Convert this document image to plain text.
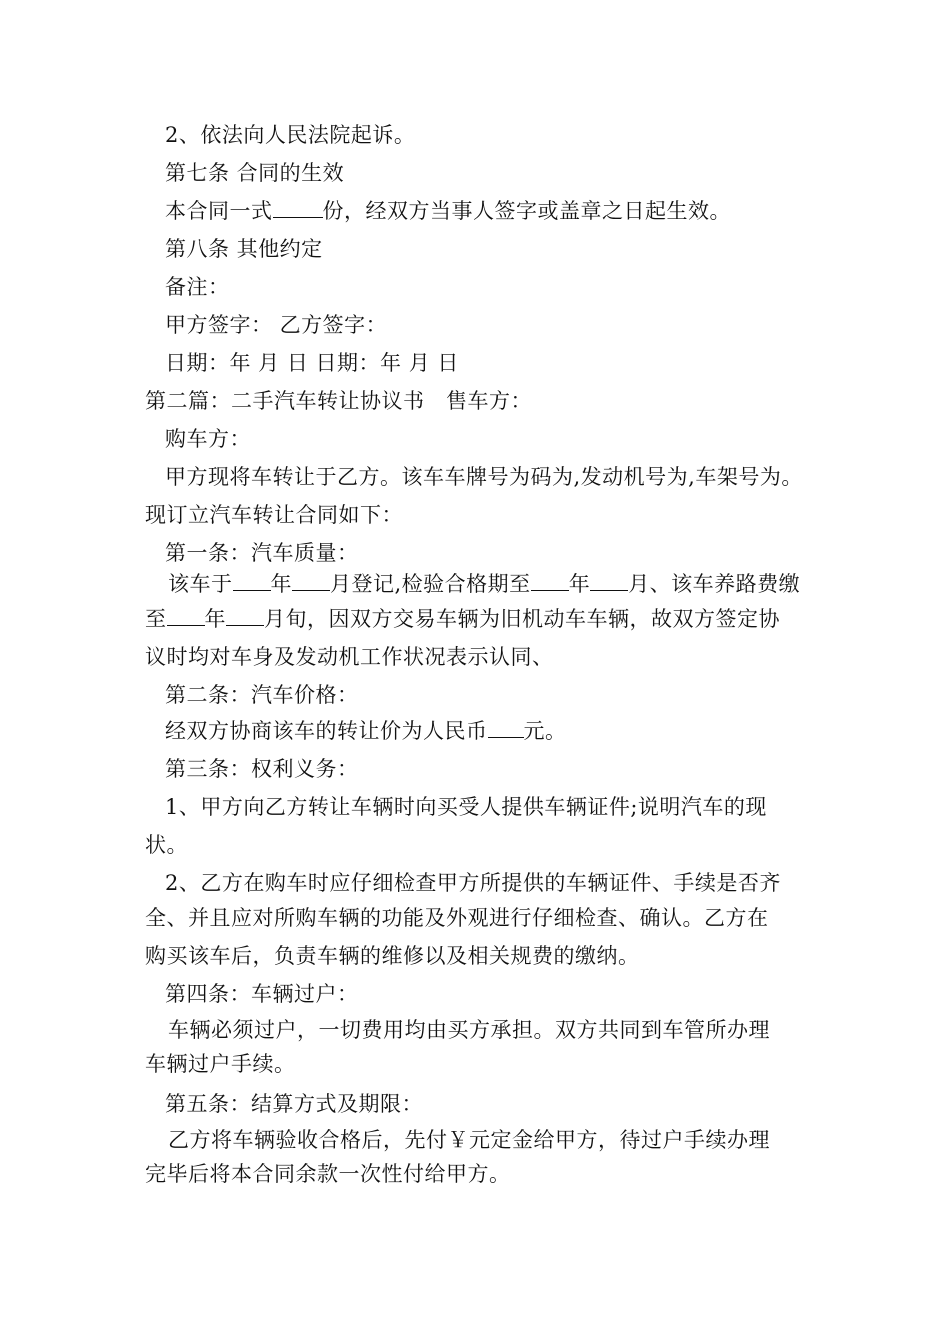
2、依法向人民法院起诉。
第七条 合同的生效
本合同一式 份，经双方当事人签字或盖章之日起生效。
第八条 其他约定
备注：
甲方签字： 乙方签字：
日期：年 月 日 日期：年 月 日
第二篇：二手汽车转让协议书　售车方：
购车方：
甲方现将车转让于乙方。该车车牌号为码为,发动机号为,车架号为。
现订立汽车转让合同如下：
第一条：汽车质量：
该车于 年 月登记,检验合格期至 年 月、该车养路费缴
至 年 月旬，因双方交易车辆为旧机动车车辆，故双方签定协
议时均对车身及发动机工作状况表示认同、
第二条：汽车价格：
经双方协商该车的转让价为人民币 元。
第三条：权利义务：
1、甲方向乙方转让车辆时向买受人提供车辆证件;说明汽车的现
状。
2、乙方在购车时应仔细检查甲方所提供的车辆证件、手续是否齐
全、并且应对所购车辆的功能及外观进行仔细检查、确认。乙方在
购买该车后，负责车辆的维修以及相关规费的缴纳。
第四条：车辆过户：
车辆必须过户，一切费用均由买方承担。双方共同到车管所办理
车辆过户手续。
第五条：结算方式及期限：
乙方将车辆验收合格后，先付￥元定金给甲方，待过户手续办理
完毕后将本合同余款一次性付给甲方。
